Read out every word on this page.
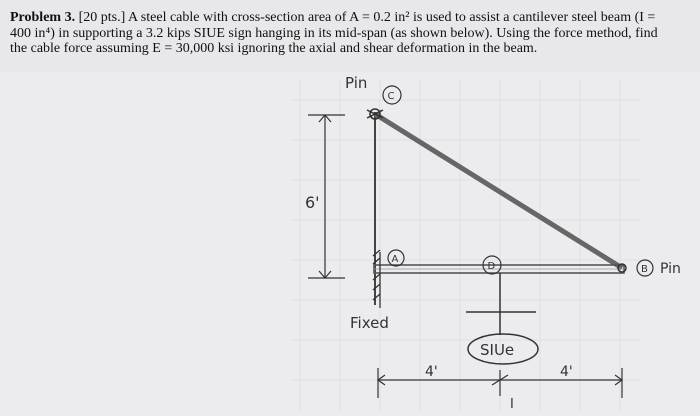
Problem 3. [20 pts.] A steel cable with cross-section area of A = 0.2 in² is used to assist a cantilever steel beam (I = 400 in⁴) in supporting a 3.2 kips SIUE sign hanging in its mid-span (as shown below). Using the force method, find the cable force assuming E = 30,000 ksi ignoring the axial and shear deformation in the beam.
Pin
C
A
D	B Pin
6'
Fixed
SIUe
4'	4'
I
